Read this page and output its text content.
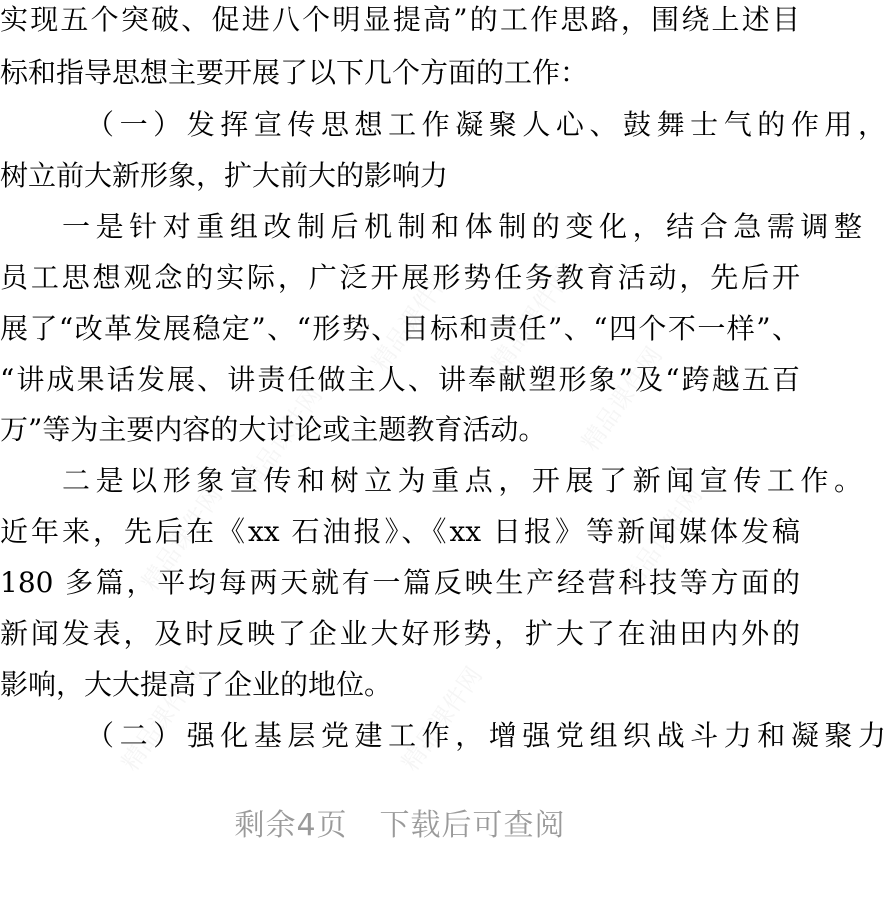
精品课件网
精品课件网
精品课件网 精品课件网
精品课件网
精品课件网
精品课件网	精品课件网
实现五个突破、促进八个明显提高”的工作思路，围绕上述目
标和指导思想主要开展了以下几个方面的工作：
（一）发挥宣传思想工作凝聚人心、鼓舞士气的作用，
树立前大新形象，扩大前大的影响力
一是针对重组改制后机制和体制的变化，结合急需调整
员工思想观念的实际，广泛开展形势任务教育活动，先后开
展了“改革发展稳定”、“形势、目标和责任”、“四个不一样”、
“讲成果话发展、讲责任做主人、讲奉献塑形象”及“跨越五百
万”等为主要内容的大讨论或主题教育活动。
二是以形象宣传和树立为重点，开展了新闻宣传工作。
近年来，先后在《xx 石油报》、《xx 日报》等新闻媒体发稿
180 多篇，平均每两天就有一篇反映生产经营科技等方面的
新闻发表，及时反映了企业大好形势，扩大了在油田内外的
影响，大大提高了企业的地位。
（二）强化基层党建工作，增强党组织战斗力和凝聚力
剩余4页 下载后可查阅
